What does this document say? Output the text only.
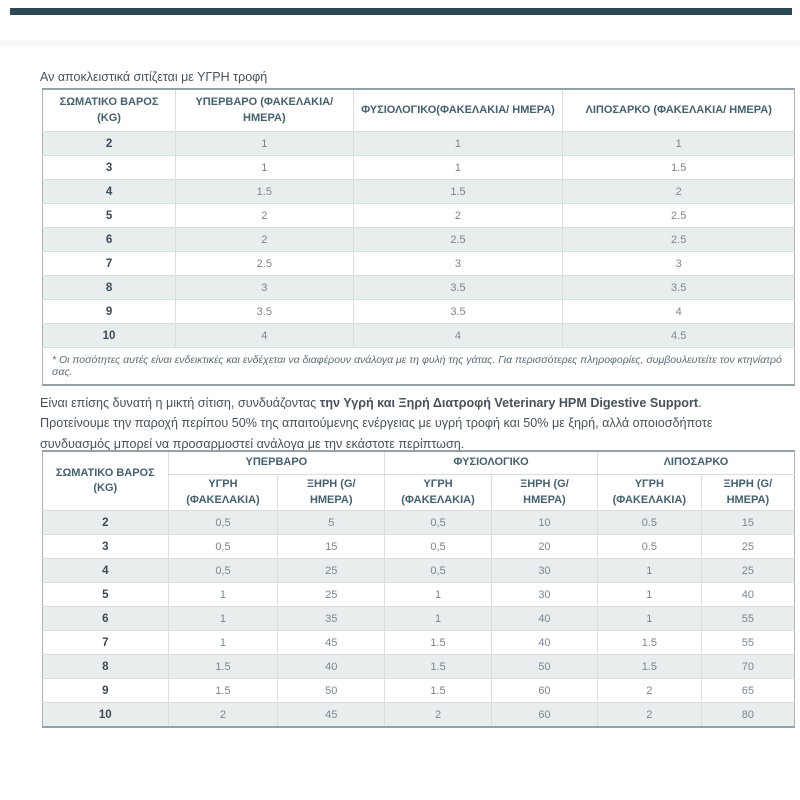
Αν αποκλειστικά σιτίζεται με ΥΓΡΗ τροφή

ΣΩΜΑΤΙΚΟ ΒΑΡΟΣ (KG)	ΥΠΕΡΒΑΡΟ (ΦΑΚΕΛΑΚΙΑ/ ΗΜΕΡΑ)	ΦΥΣΙΟΛΟΓΙΚΟ(ΦΑΚΕΛΑΚΙΑ/ ΗΜΕΡΑ)	ΛΙΠΟΣΑΡΚΟ (ΦΑΚΕΛΑΚΙΑ/ ΗΜΕΡΑ)
2	1	1	1
3	1	1	1.5
4	1.5	1.5	2
5	2	2	2.5
6	2	2.5	2.5
7	2.5	3	3
8	3	3.5	3.5
9	3.5	3.5	4
10	4	4	4.5
* Οι ποσότητες αυτές είναι ενδεικτικές και ενδέχεται να διαφέρουν ανάλογα με τη φυλή της γάτας. Για περισσότερες πληροφορίες, συμβουλευτείτε τον κτηνίατρό σας.			

Είναι επίσης δυνατή η μικτή σίτιση, συνδυάζοντας την Υγρή και Ξηρή Διατροφή Veterinary HPM Digestive Support. Προτείνουμε την παροχή περίπου 50% της απαιτούμενης ενέργειας με υγρή τροφή και 50% με ξηρή, αλλά οποιοσδήποτε συνδυασμός μπορεί να προσαρμοστεί ανάλογα με την εκάστοτε περίπτωση.

ΣΩΜΑΤΙΚΟ ΒΑΡΟΣ (KG)	ΥΠΕΡΒΑΡΟ		ΦΥΣΙΟΛΟΓΙΚΟ		ΛΙΠΟΣΑΡΚΟ	
	ΥΓΡΗ (ΦΑΚΕΛΑΚΙΑ)	ΞΗΡΗ (G/ ΗΜΕΡΑ)	ΥΓΡΗ (ΦΑΚΕΛΑΚΙΑ)	ΞΗΡΗ (G/ ΗΜΕΡΑ)	ΥΓΡΗ (ΦΑΚΕΛΑΚΙΑ)	ΞΗΡΗ (G/ ΗΜΕΡΑ)
2	0,5	5	0,5	10	0.5	15
3	0,5	15	0,5	20	0.5	25
4	0,5	25	0,5	30	1	25
5	1	25	1	30	1	40
6	1	35	1	40	1	55
7	1	45	1.5	40	1.5	55
8	1.5	40	1.5	50	1.5	70
9	1.5	50	1.5	60	2	65
10	2	45	2	60	2	80
